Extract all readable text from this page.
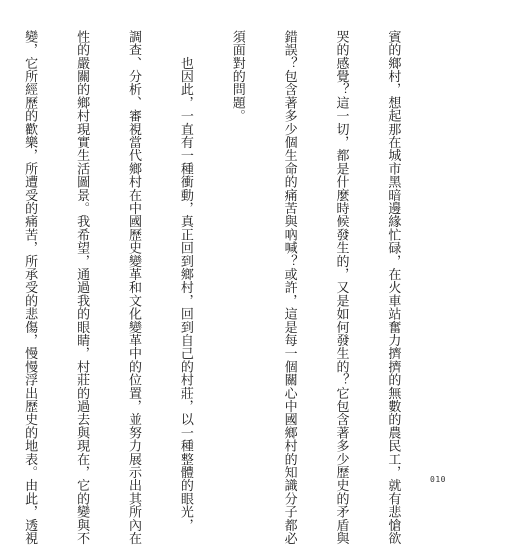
賓的鄉村，想起那在城市黑暗邊緣忙碌，在火車站奮力擠擠的無數的農民工，就有悲愴欲

哭的感覺？這一切，都是什麼時候發生的，又是如何發生的？它包含著多少歷史的矛盾與

錯誤？包含著多少個生命的痛苦與吶喊？或許，這是每一個關心中國鄉村的知識分子都必

須面對的問題。

　　也因此，一直有一種衝動，真正回到鄉村，回到自己的村莊，以一種整體的眼光，

調查、分析、審視當代鄉村在中國歷史變革和文化變革中的位置，並努力展示出其所內在

性的嚴關的鄉村現實生活圖景。我希望，通過我的眼睛，村莊的過去與現在，它的變與不

變，它所經歷的歡樂，所遭受的痛苦，所承受的悲傷，慢慢浮出歷史的地表。由此，透視

	010
